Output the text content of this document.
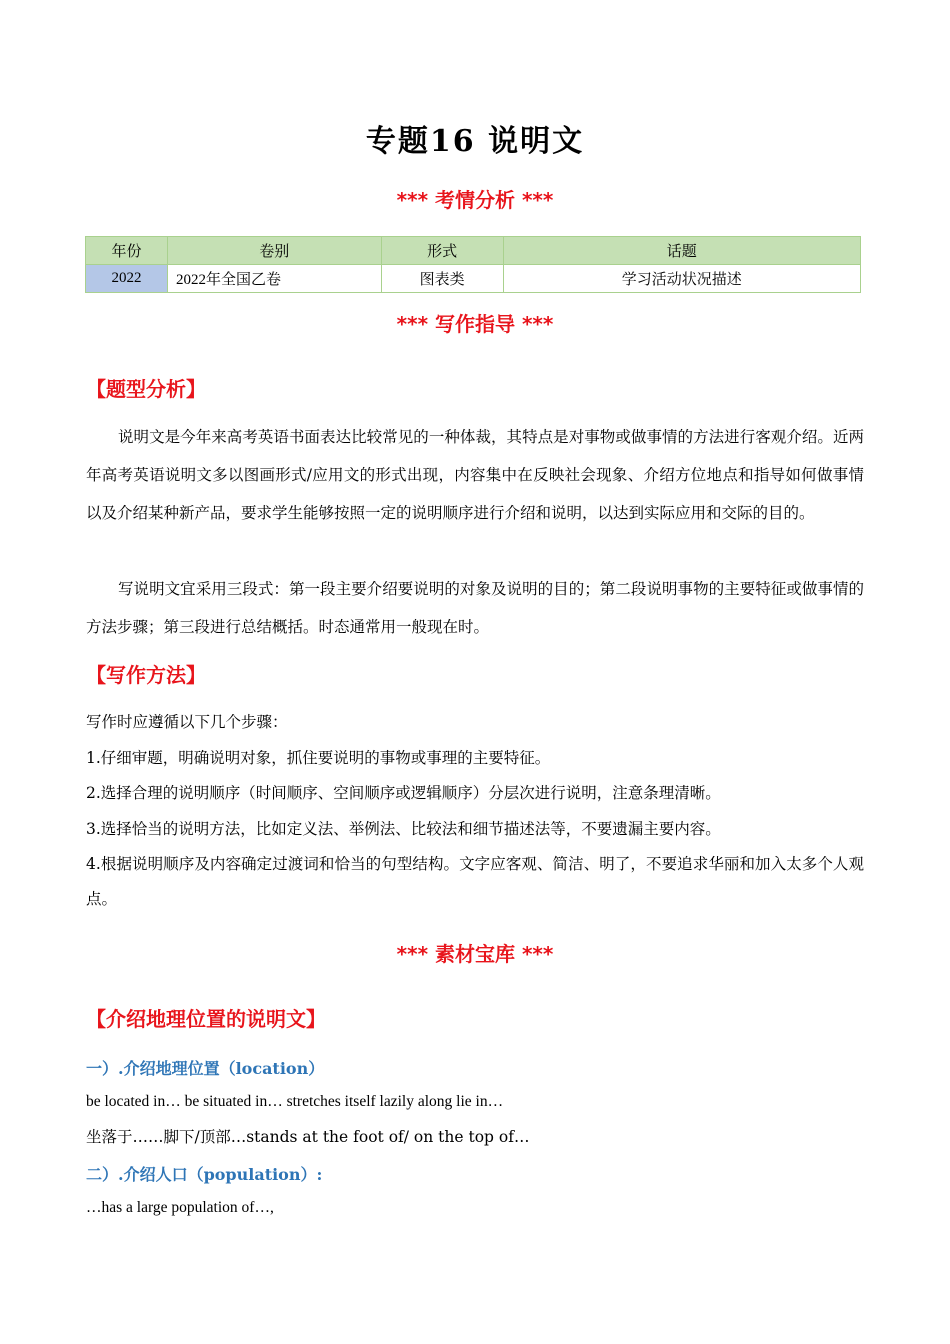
专题16 说明文
*** 考情分析 ***
年份	卷别	形式	话题
2022	2022年全国乙卷	图表类	学习活动状况描述
*** 写作指导 ***
【题型分析】
说明文是今年来高考英语书面表达比较常见的一种体裁，其特点是对事物或做事情的方法进行客观介绍。近两年高考英语说明文多以图画形式/应用文的形式出现，内容集中在反映社会现象、介绍方位地点和指导如何做事情以及介绍某种新产品，要求学生能够按照一定的说明顺序进行介绍和说明，以达到实际应用和交际的目的。
写说明文宜采用三段式：第一段主要介绍要说明的对象及说明的目的；第二段说明事物的主要特征或做事情的方法步骤；第三段进行总结概括。时态通常用一般现在时。
【写作方法】
写作时应遵循以下几个步骤：
1.仔细审题，明确说明对象，抓住要说明的事物或事理的主要特征。
2.选择合理的说明顺序（时间顺序、空间顺序或逻辑顺序）分层次进行说明，注意条理清晰。
3.选择恰当的说明方法，比如定义法、举例法、比较法和细节描述法等，不要遗漏主要内容。
4.根据说明顺序及内容确定过渡词和恰当的句型结构。文字应客观、简洁、明了，不要追求华丽和加入太多个人观点。
*** 素材宝库 ***
【介绍地理位置的说明文】
一）.介绍地理位置（location）
be located in… be situated in… stretches itself lazily along lie in…
坐落于……脚下/顶部…stands at the foot of/ on the top of…
二）.介绍人口（population）:
…has a large population of…,
